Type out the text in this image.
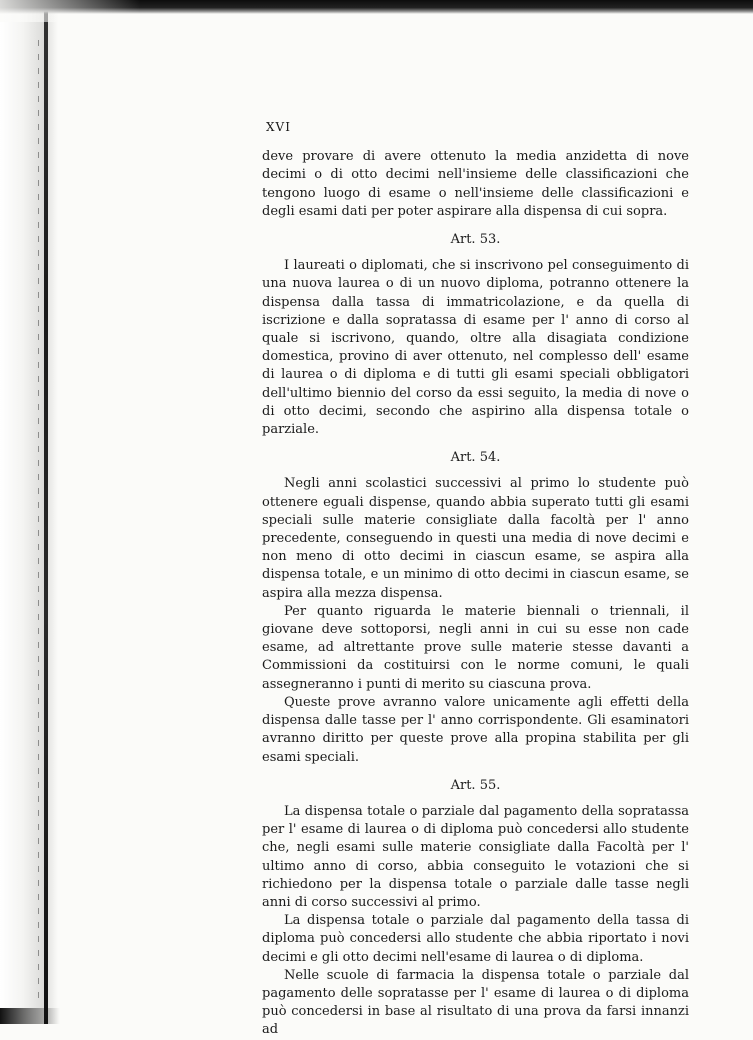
XVI

deve provare di avere ottenuto la media anzidetta di nove decimi o di otto decimi nell'insieme delle classificazioni che tengono luogo di esame o nell'insieme delle classificazioni e degli esami dati per poter aspirare alla dispensa di cui sopra.

Art. 53.

I laureati o diplomati, che si inscrivono pel conseguimento di una nuova laurea o di un nuovo diploma, potranno ottenere la dispensa dalla tassa di immatricolazione, e da quella di iscrizione e dalla sopratassa di esame per l' anno di corso al quale si iscrivono, quando, oltre alla disagiata condizione domestica, provino di aver ottenuto, nel complesso dell' esame di laurea o di diploma e di tutti gli esami speciali obbligatori dell'ultimo biennio del corso da essi seguito, la media di nove o di otto decimi, secondo che aspirino alla dispensa totale o parziale.

Art. 54.

Negli anni scolastici successivi al primo lo studente può ottenere eguali dispense, quando abbia superato tutti gli esami speciali sulle materie consigliate dalla facoltà per l' anno precedente, conseguendo in questi una media di nove decimi e non meno di otto decimi in ciascun esame, se aspira alla dispensa totale, e un minimo di otto decimi in ciascun esame, se aspira alla mezza dispensa.

Per quanto riguarda le materie biennali o triennali, il giovane deve sottoporsi, negli anni in cui su esse non cade esame, ad altrettante prove sulle materie stesse davanti a Commissioni da costituirsi con le norme comuni, le quali assegneranno i punti di merito su ciascuna prova.

Queste prove avranno valore unicamente agli effetti della dispensa dalle tasse per l' anno corrispondente. Gli esaminatori avranno diritto per queste prove alla propina stabilita per gli esami speciali.

Art. 55.

La dispensa totale o parziale dal pagamento della sopratassa per l' esame di laurea o di diploma può concedersi allo studente che, negli esami sulle materie consigliate dalla Facoltà per l' ultimo anno di corso, abbia conseguito le votazioni che si richiedono per la dispensa totale o parziale dalle tasse negli anni di corso successivi al primo.

La dispensa totale o parziale dal pagamento della tassa di diploma può concedersi allo studente che abbia riportato i novi decimi e gli otto decimi nell'esame di laurea o di diploma.

Nelle scuole di farmacia la dispensa totale o parziale dal pagamento delle sopratasse per l' esame di laurea o di diploma può concedersi in base al risultato di una prova da farsi innanzi ad
